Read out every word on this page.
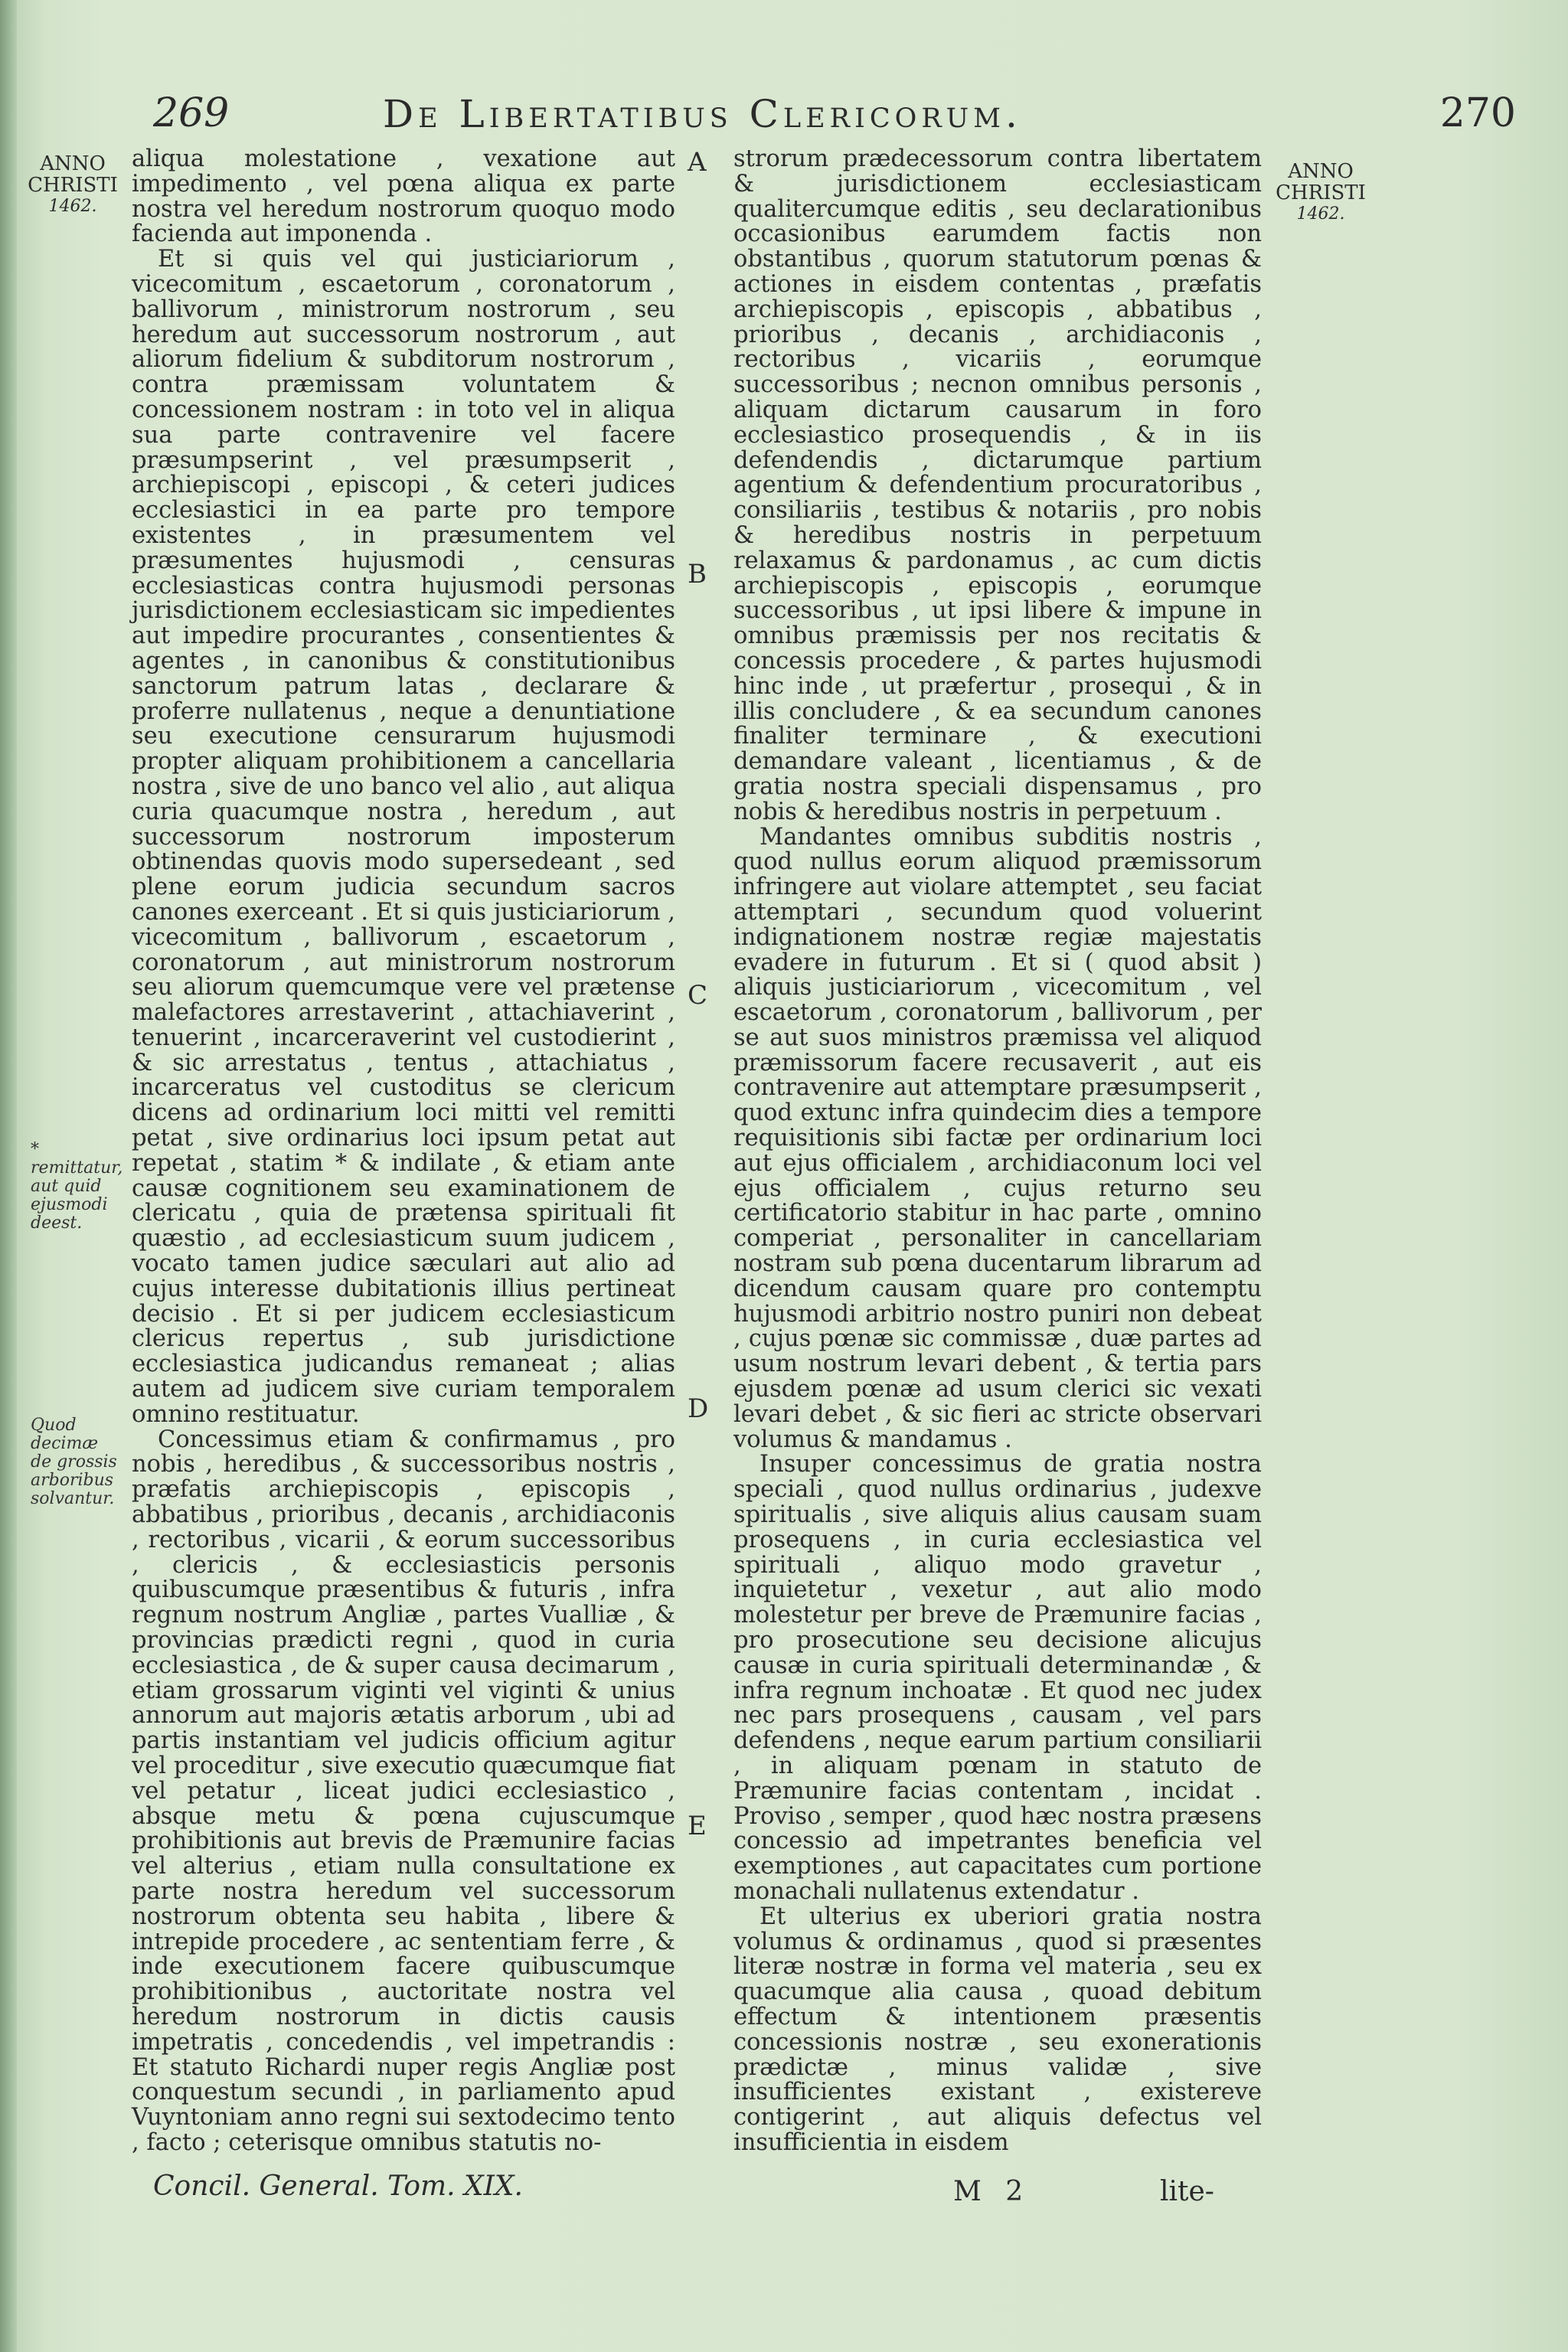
269	De Libertatibus Clericorum.	270
ANNO
CHRISTI
1462.
ANNO
CHRISTI
1462.
* remittatur, aut quid ejusmodi deest.
Quod decimæ de grossis arboribus solvantur.
A
B
C
D
E

aliqua molestatione , vexatione aut impedimento , vel pœna aliqua ex parte nostra vel heredum nostrorum quoquo modo facienda aut imponenda .

Et si quis vel qui justiciariorum , vicecomitum , escaetorum , coronatorum , ballivorum , ministrorum nostrorum , seu heredum aut successorum nostrorum , aut aliorum fidelium & subditorum nostrorum , contra præmissam voluntatem & concessionem nostram : in toto vel in aliqua sua parte contravenire vel facere præsumpserint , vel præsumpserit , archiepiscopi , episcopi , & ceteri judices ecclesiastici in ea parte pro tempore existentes , in præsumentem vel præsumentes hujusmodi , censuras ecclesiasticas contra hujusmodi personas jurisdictionem ecclesiasticam sic impedientes aut impedire procurantes , consentientes & agentes , in canonibus & constitutionibus sanctorum patrum latas , declarare & proferre nullatenus , neque a denuntiatione seu executione censurarum hujusmodi propter aliquam prohibitionem a cancellaria nostra , sive de uno banco vel alio , aut aliqua curia quacumque nostra , heredum , aut successorum nostrorum imposterum obtinendas quovis modo supersedeant , sed plene eorum judicia secundum sacros canones exerceant . Et si quis justiciariorum , vicecomitum , ballivorum , escaetorum , coronatorum , aut ministrorum nostrorum seu aliorum quemcumque vere vel prætense malefactores arrestaverint , attachiaverint , tenuerint , incarceraverint vel custodierint , & sic arrestatus , tentus , attachiatus , incarceratus vel custoditus se clericum dicens ad ordinarium loci mitti vel remitti petat , sive ordinarius loci ipsum petat aut repetat , statim * & indilate , & etiam ante causæ cognitionem seu examinationem de clericatu , quia de prætensa spirituali fit quæstio , ad ecclesiasticum suum judicem , vocato tamen judice sæculari aut alio ad cujus interesse dubitationis illius pertineat decisio . Et si per judicem ecclesiasticum clericus repertus , sub jurisdictione ecclesiastica judicandus remaneat ; alias autem ad judicem sive curiam temporalem omnino restituatur.

Concessimus etiam & confirmamus , pro nobis , heredibus , & successoribus nostris , præfatis archiepiscopis , episcopis , abbatibus , prioribus , decanis , archidiaconis , rectoribus , vicarii , & eorum successoribus , clericis , & ecclesiasticis personis quibuscumque præsentibus & futuris , infra regnum nostrum Angliæ , partes Vualliæ , & provincias prædicti regni , quod in curia ecclesiastica , de & super causa decimarum , etiam grossarum viginti vel viginti & unius annorum aut majoris ætatis arborum , ubi ad partis instantiam vel judicis officium agitur vel proceditur , sive executio quæcumque fiat vel petatur , liceat judici ecclesiastico , absque metu & pœna cujuscumque prohibitionis aut brevis de Præmunire facias vel alterius , etiam nulla consultatione ex parte nostra heredum vel successorum nostrorum obtenta seu habita , libere & intrepide procedere , ac sententiam ferre , & inde executionem facere quibuscumque prohibitionibus , auctoritate nostra vel heredum nostrorum in dictis causis impetratis , concedendis , vel impetrandis : Et statuto Richardi nuper regis Angliæ post conquestum secundi , in parliamento apud Vuyntoniam anno regni sui sextodecimo tento , facto ; ceterisque omnibus statutis no-

strorum prædecessorum contra libertatem & jurisdictionem ecclesiasticam qualitercumque editis , seu declarationibus occasionibus earumdem factis non obstantibus , quorum statutorum pœnas & actiones in eisdem contentas , præfatis archiepiscopis , episcopis , abbatibus , prioribus , decanis , archidiaconis , rectoribus , vicariis , eorumque successoribus ; necnon omnibus personis , aliquam dictarum causarum in foro ecclesiastico prosequendis , & in iis defendendis , dictarumque partium agentium & defendentium procuratoribus , consiliariis , testibus & notariis , pro nobis & heredibus nostris in perpetuum relaxamus & pardonamus , ac cum dictis archiepiscopis , episcopis , eorumque successoribus , ut ipsi libere & impune in omnibus præmissis per nos recitatis & concessis procedere , & partes hujusmodi hinc inde , ut præfertur , prosequi , & in illis concludere , & ea secundum canones finaliter terminare , & executioni demandare valeant , licentiamus , & de gratia nostra speciali dispensamus , pro nobis & heredibus nostris in perpetuum .

Mandantes omnibus subditis nostris , quod nullus eorum aliquod præmissorum infringere aut violare attemptet , seu faciat attemptari , secundum quod voluerint indignationem nostræ regiæ majestatis evadere in futurum . Et si ( quod absit ) aliquis justiciariorum , vicecomitum , vel escaetorum , coronatorum , ballivorum , per se aut suos ministros præmissa vel aliquod præmissorum facere recusaverit , aut eis contravenire aut attemptare præsumpserit , quod extunc infra quindecim dies a tempore requisitionis sibi factæ per ordinarium loci aut ejus officialem , archidiaconum loci vel ejus officialem , cujus returno seu certificatorio stabitur in hac parte , omnino comperiat , personaliter in cancellariam nostram sub pœna ducentarum librarum ad dicendum causam quare pro contemptu hujusmodi arbitrio nostro puniri non debeat , cujus pœnæ sic commissæ , duæ partes ad usum nostrum levari debent , & tertia pars ejusdem pœnæ ad usum clerici sic vexati levari debet , & sic fieri ac stricte observari volumus & mandamus .

Insuper concessimus de gratia nostra speciali , quod nullus ordinarius , judexve spiritualis , sive aliquis alius causam suam prosequens , in curia ecclesiastica vel spirituali , aliquo modo gravetur , inquietetur , vexetur , aut alio modo molestetur per breve de Præmunire facias , pro prosecutione seu decisione alicujus causæ in curia spirituali determinandæ , & infra regnum inchoatæ . Et quod nec judex nec pars prosequens , causam , vel pars defendens , neque earum partium consiliarii , in aliquam pœnam in statuto de Præmunire facias contentam , incidat . Proviso , semper , quod hæc nostra præsens concessio ad impetrantes beneficia vel exemptiones , aut capacitates cum portione monachali nullatenus extendatur .

Et ulterius ex uberiori gratia nostra volumus & ordinamus , quod si præsentes literæ nostræ in forma vel materia , seu ex quacumque alia causa , quoad debitum effectum & intentionem præsentis concessionis nostræ , seu exonerationis prædictæ , minus validæ , sive insufficientes existant , existereve contigerint , aut aliquis defectus vel insufficientia in eisdem

Concil. General. Tom. XIX.	M 2	lite-
